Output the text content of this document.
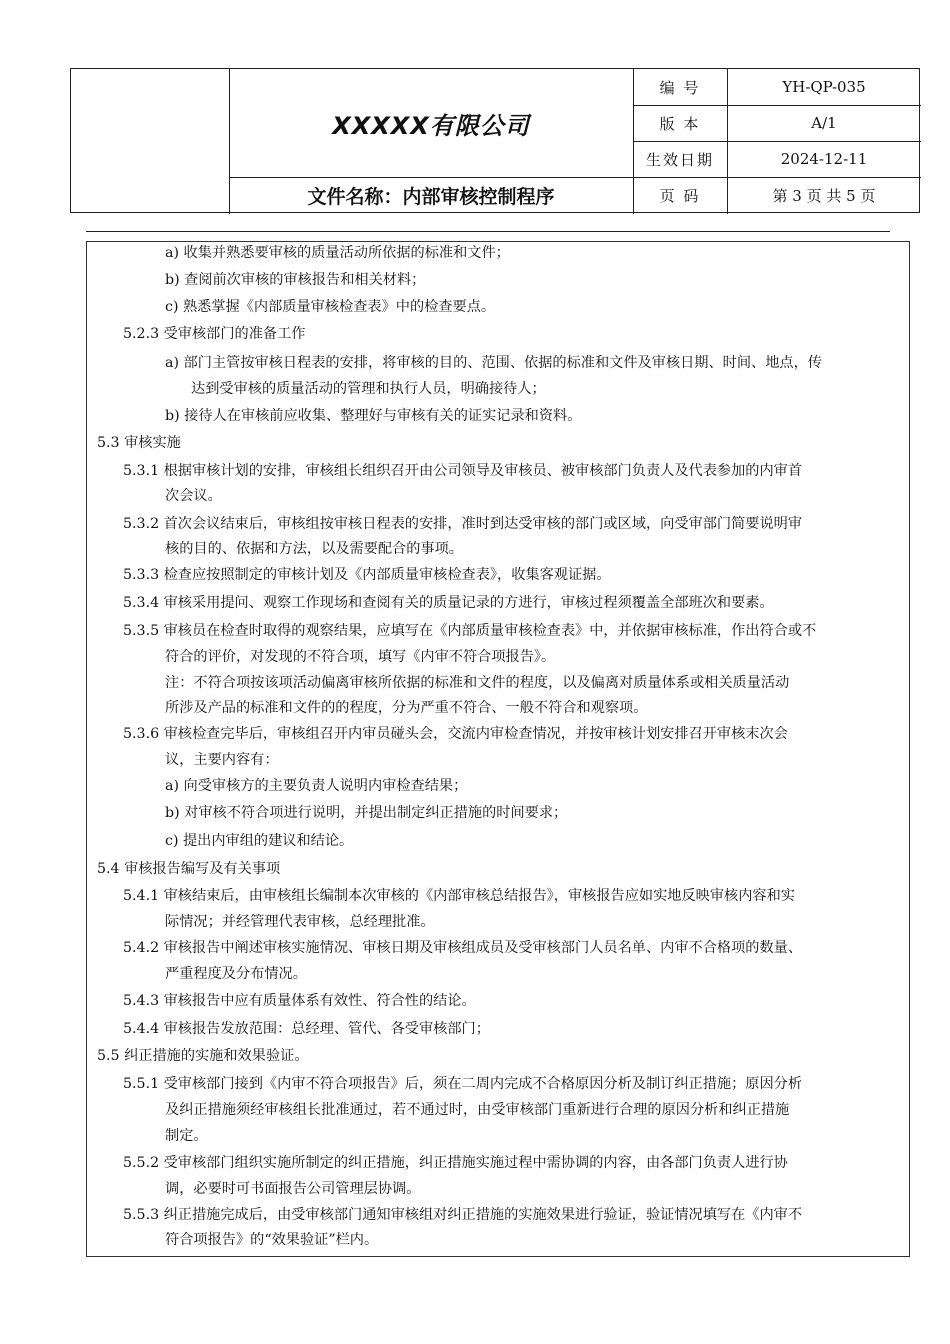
XXXXX有限公司
文件名称：内部审核控制程序
编 号	YH-QP-035
版 本	A/1
生效日期	2024-12-11
页 码	第 3 页 共 5 页
a) 收集并熟悉要审核的质量活动所依据的标准和文件；
b) 查阅前次审核的审核报告和相关材料；
c) 熟悉掌握《内部质量审核检查表》中的检查要点。
5.2.3 受审核部门的准备工作
a) 部门主管按审核日程表的安排，将审核的目的、范围、依据的标准和文件及审核日期、时间、地点，传
达到受审核的质量活动的管理和执行人员，明确接待人；
b) 接待人在审核前应收集、整理好与审核有关的证实记录和资料。
5.3 审核实施
5.3.1 根据审核计划的安排，审核组长组织召开由公司领导及审核员、被审核部门负责人及代表参加的内审首
次会议。
5.3.2 首次会议结束后，审核组按审核日程表的安排，准时到达受审核的部门或区域，向受审部门简要说明审
核的目的、依据和方法，以及需要配合的事项。
5.3.3 检查应按照制定的审核计划及《内部质量审核检查表》，收集客观证据。
5.3.4 审核采用提问、观察工作现场和查阅有关的质量记录的方进行，审核过程须覆盖全部班次和要素。
5.3.5 审核员在检查时取得的观察结果，应填写在《内部质量审核检查表》中，并依据审核标准，作出符合或不
符合的评价，对发现的不符合项，填写《内审不符合项报告》。
注：不符合项按该项活动偏离审核所依据的标准和文件的程度，以及偏离对质量体系或相关质量活动
所涉及产品的标准和文件的的程度，分为严重不符合、一般不符合和观察项。
5.3.6 审核检查完毕后，审核组召开内审员碰头会，交流内审检查情况，并按审核计划安排召开审核末次会
议，主要内容有：
a) 向受审核方的主要负责人说明内审检查结果；
b) 对审核不符合项进行说明，并提出制定纠正措施的时间要求；
c) 提出内审组的建议和结论。
5.4 审核报告编写及有关事项
5.4.1 审核结束后，由审核组长编制本次审核的《内部审核总结报告》，审核报告应如实地反映审核内容和实
际情况；并经管理代表审核，总经理批准。
5.4.2 审核报告中阐述审核实施情况、审核日期及审核组成员及受审核部门人员名单、内审不合格项的数量、
严重程度及分布情况。
5.4.3 审核报告中应有质量体系有效性、符合性的结论。
5.4.4 审核报告发放范围：总经理、管代、各受审核部门；
5.5 纠正措施的实施和效果验证。
5.5.1 受审核部门接到《内审不符合项报告》后，须在二周内完成不合格原因分析及制订纠正措施；原因分析
及纠正措施须经审核组长批准通过，若不通过时，由受审核部门重新进行合理的原因分析和纠正措施
制定。
5.5.2 受审核部门组织实施所制定的纠正措施，纠正措施实施过程中需协调的内容，由各部门负责人进行协
调，必要时可书面报告公司管理层协调。
5.5.3 纠正措施完成后，由受审核部门通知审核组对纠正措施的实施效果进行验证，验证情况填写在《内审不
符合项报告》的“效果验证”栏内。
